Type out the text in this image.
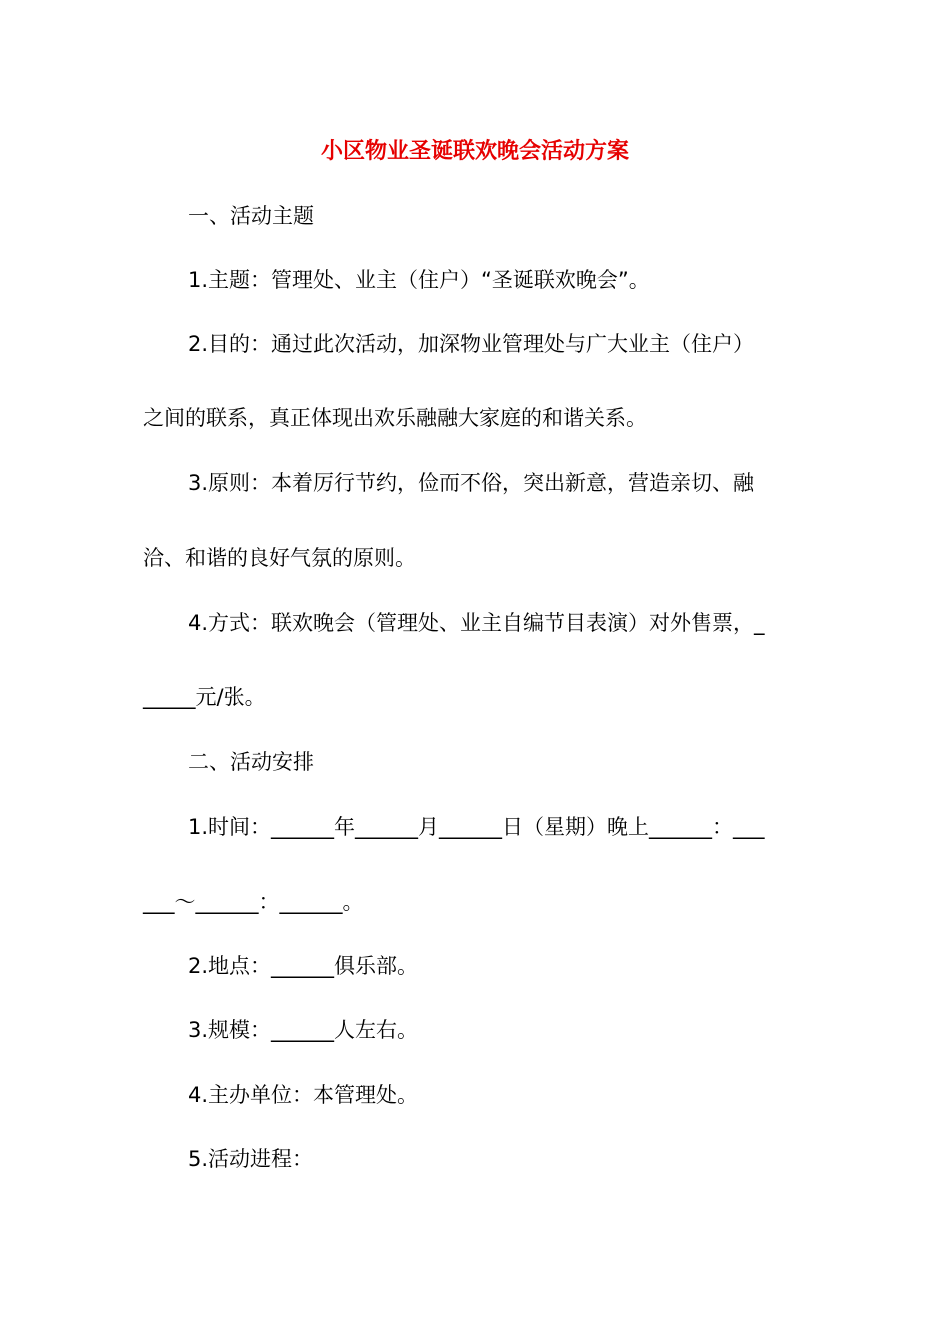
小区物业圣诞联欢晚会活动方案
一、活动主题
1.主题：管理处、业主（住户）“圣诞联欢晚会”。
2.目的：通过此次活动，加深物业管理处与广大业主（住户）
之间的联系，真正体现出欢乐融融大家庭的和谐关系。
3.原则：本着厉行节约，俭而不俗，突出新意，营造亲切、融
洽、和谐的良好气氛的原则。
4.方式：联欢晚会（管理处、业主自编节目表演）对外售票，_
_____元/张。
二、活动安排
1.时间：______年______月______日（星期）晚上______：___
___～______：______。
2.地点：______俱乐部。
3.规模：______人左右。
4.主办单位：本管理处。
5.活动进程：
